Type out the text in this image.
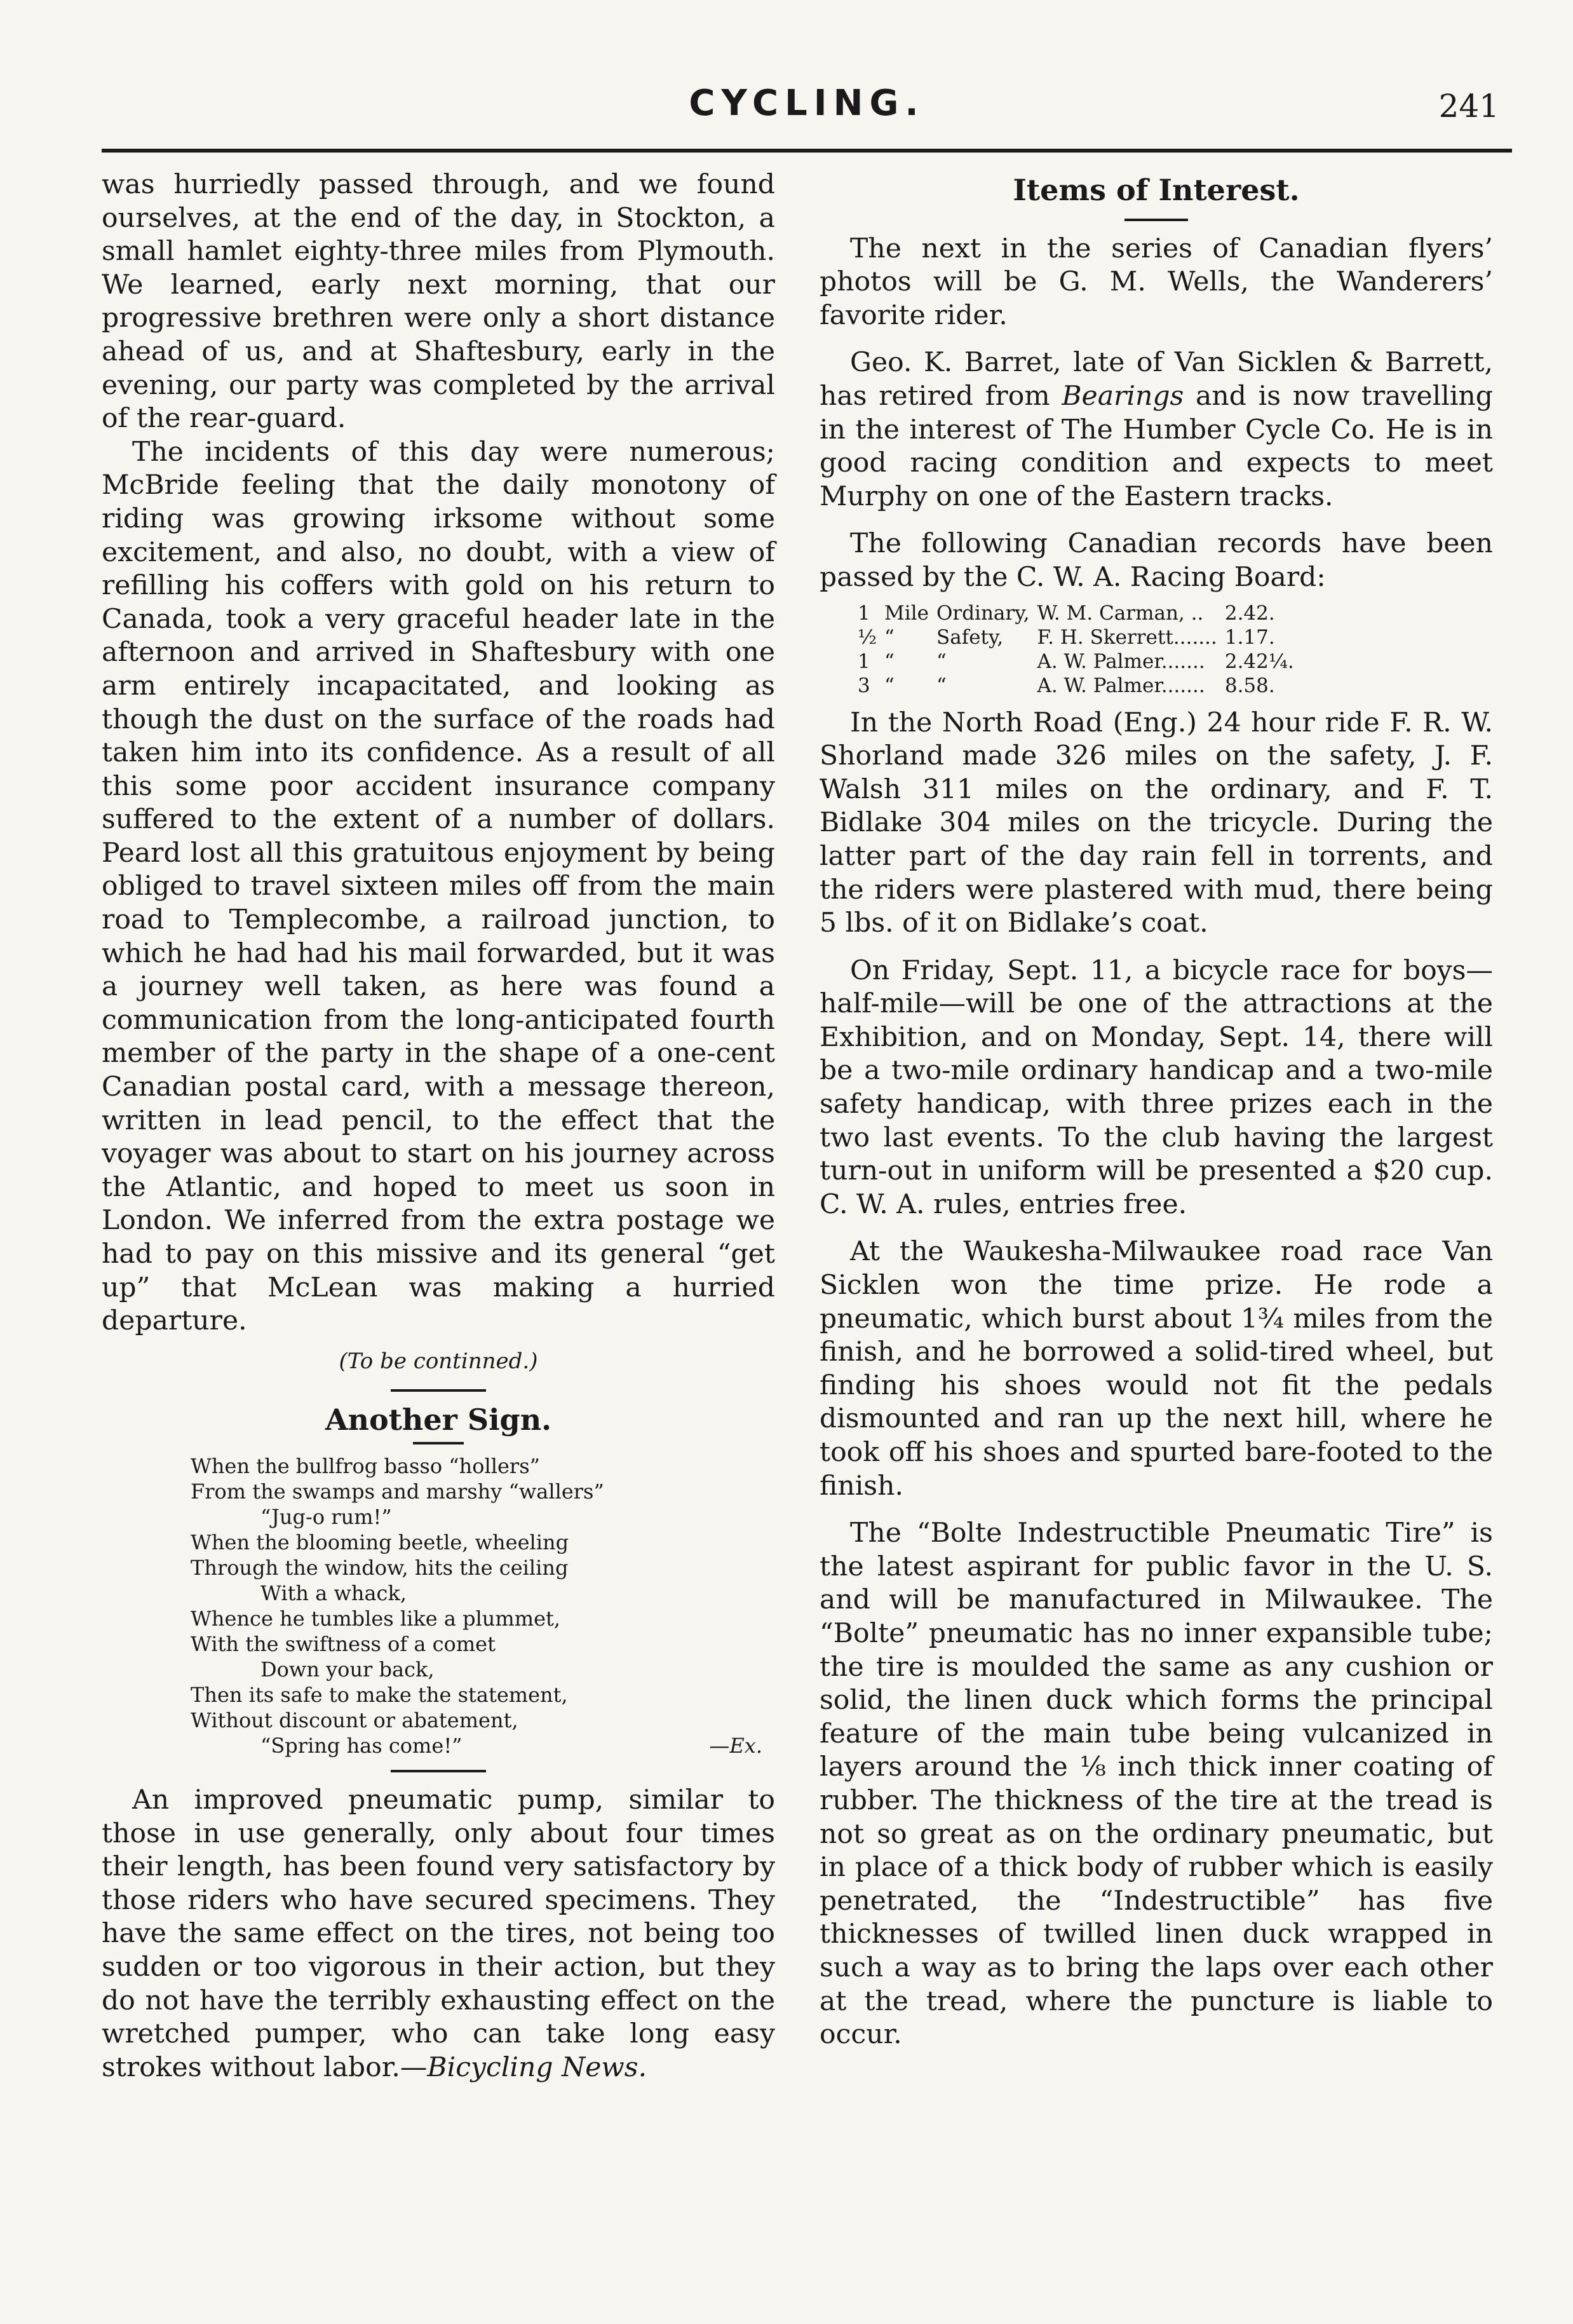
CYCLING.	241

was hurriedly passed through, and we found ourselves, at the end of the day, in Stockton, a small hamlet eighty-three miles from Plymouth. We learned, early next morning, that our progressive brethren were only a short distance ahead of us, and at Shaftesbury, early in the evening, our party was completed by the arrival of the rear-guard.

The incidents of this day were numerous; McBride feeling that the daily monotony of riding was growing irksome without some excitement, and also, no doubt, with a view of refilling his coffers with gold on his return to Canada, took a very graceful header late in the afternoon and arrived in Shaftesbury with one arm entirely incapacitated, and looking as though the dust on the surface of the roads had taken him into its confidence. As a result of all this some poor accident insurance company suffered to the extent of a number of dollars. Peard lost all this gratuitous enjoyment by being obliged to travel sixteen miles off from the main road to Templecombe, a railroad junction, to which he had had his mail forwarded, but it was a journey well taken, as here was found a communication from the long-anticipated fourth member of the party in the shape of a one-cent Canadian postal card, with a message thereon, written in lead pencil, to the effect that the voyager was about to start on his journey across the Atlantic, and hoped to meet us soon in London. We inferred from the extra postage we had to pay on this missive and its general “get up” that McLean was making a hurried departure.

(To be continned.)

Another Sign.
When the bullfrog basso “hollers”
From the swamps and marshy “wallers”
“Jug-o rum!”
When the blooming beetle, wheeling
Through the window, hits the ceiling
With a whack,
Whence he tumbles like a plummet,
With the swiftness of a comet
Down your back,
Then its safe to make the statement,
Without discount or abatement,
“Spring has come!”	—Ex.

An improved pneumatic pump, similar to those in use generally, only about four times their length, has been found very satisfactory by those riders who have secured specimens. They have the same effect on the tires, not being too sudden or too vigorous in their action, but they do not have the terribly exhausting effect on the wretched pumper, who can take long easy strokes without labor.—Bicycling News.

Items of Interest.

The next in the series of Canadian flyers’ photos will be G. M. Wells, the Wanderers’ favorite rider.

Geo. K. Barret, late of Van Sicklen & Barrett, has retired from Bearings and is now travelling in the interest of The Humber Cycle Co. He is in good racing condition and expects to meet Murphy on one of the Eastern tracks.

The following Canadian records have been passed by the C. W. A. Racing Board:

1	Mile	Ordinary,	W. M. Carman, ..	2.42.
½	“	Safety,	F. H. Skerrett.......	1.17.
1	“	“	A. W. Palmer.......	2.42¼.
3	“	“	A. W. Palmer.......	8.58.

In the North Road (Eng.) 24 hour ride F. R. W. Shorland made 326 miles on the safety, J. F. Walsh 311 miles on the ordinary, and F. T. Bidlake 304 miles on the tricycle. During the latter part of the day rain fell in torrents, and the riders were plastered with mud, there being 5 lbs. of it on Bidlake’s coat.

On Friday, Sept. 11, a bicycle race for boys—half-mile—will be one of the attractions at the Exhibition, and on Monday, Sept. 14, there will be a two-mile ordinary handicap and a two-mile safety handicap, with three prizes each in the two last events. To the club having the largest turn-out in uniform will be presented a $20 cup. C. W. A. rules, entries free.

At the Waukesha-Milwaukee road race Van Sicklen won the time prize. He rode a pneumatic, which burst about 1¾ miles from the finish, and he borrowed a solid-tired wheel, but finding his shoes would not fit the pedals dismounted and ran up the next hill, where he took off his shoes and spurted bare-footed to the finish.

The “Bolte Indestructible Pneumatic Tire” is the latest aspirant for public favor in the U. S. and will be manufactured in Milwaukee. The “Bolte” pneumatic has no inner expansible tube; the tire is moulded the same as any cushion or solid, the linen duck which forms the principal feature of the main tube being vulcanized in layers around the ⅛ inch thick inner coating of rubber. The thickness of the tire at the tread is not so great as on the ordinary pneumatic, but in place of a thick body of rubber which is easily penetrated, the “Indestructible” has five thicknesses of twilled linen duck wrapped in such a way as to bring the laps over each other at the tread, where the puncture is liable to occur.
